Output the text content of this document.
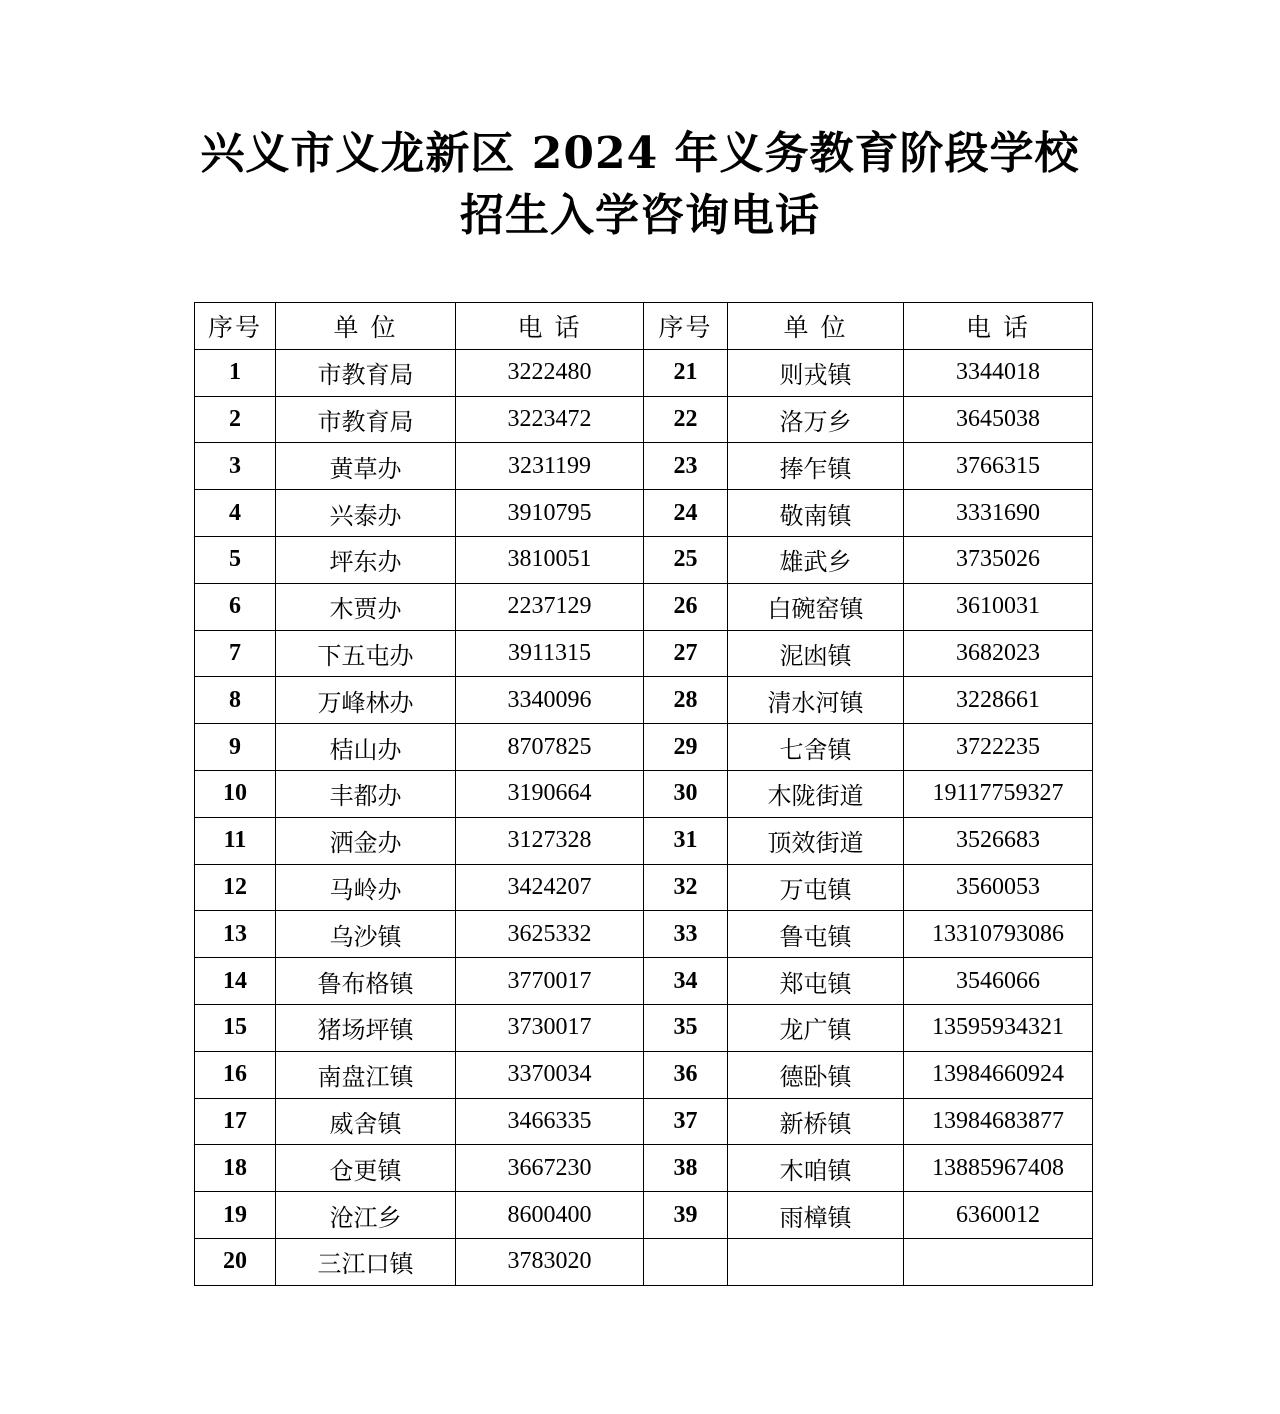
兴义市义龙新区 2024 年义务教育阶段学校
招生入学咨询电话
序号	单 位	电 话	序号	单 位	电 话
1	市教育局	3222480	21	则戎镇	3344018
2	市教育局	3223472	22	洛万乡	3645038
3	黄草办	3231199	23	捧乍镇	3766315
4	兴泰办	3910795	24	敬南镇	3331690
5	坪东办	3810051	25	雄武乡	3735026
6	木贾办	2237129	26	白碗窑镇	3610031
7	下五屯办	3911315	27	泥凼镇	3682023
8	万峰林办	3340096	28	清水河镇	3228661
9	桔山办	8707825	29	七舍镇	3722235
10	丰都办	3190664	30	木陇街道	19117759327
11	洒金办	3127328	31	顶效街道	3526683
12	马岭办	3424207	32	万屯镇	3560053
13	乌沙镇	3625332	33	鲁屯镇	13310793086
14	鲁布格镇	3770017	34	郑屯镇	3546066
15	猪场坪镇	3730017	35	龙广镇	13595934321
16	南盘江镇	3370034	36	德卧镇	13984660924
17	威舍镇	3466335	37	新桥镇	13984683877
18	仓更镇	3667230	38	木咱镇	13885967408
19	沧江乡	8600400	39	雨樟镇	6360012
20	三江口镇	3783020			
